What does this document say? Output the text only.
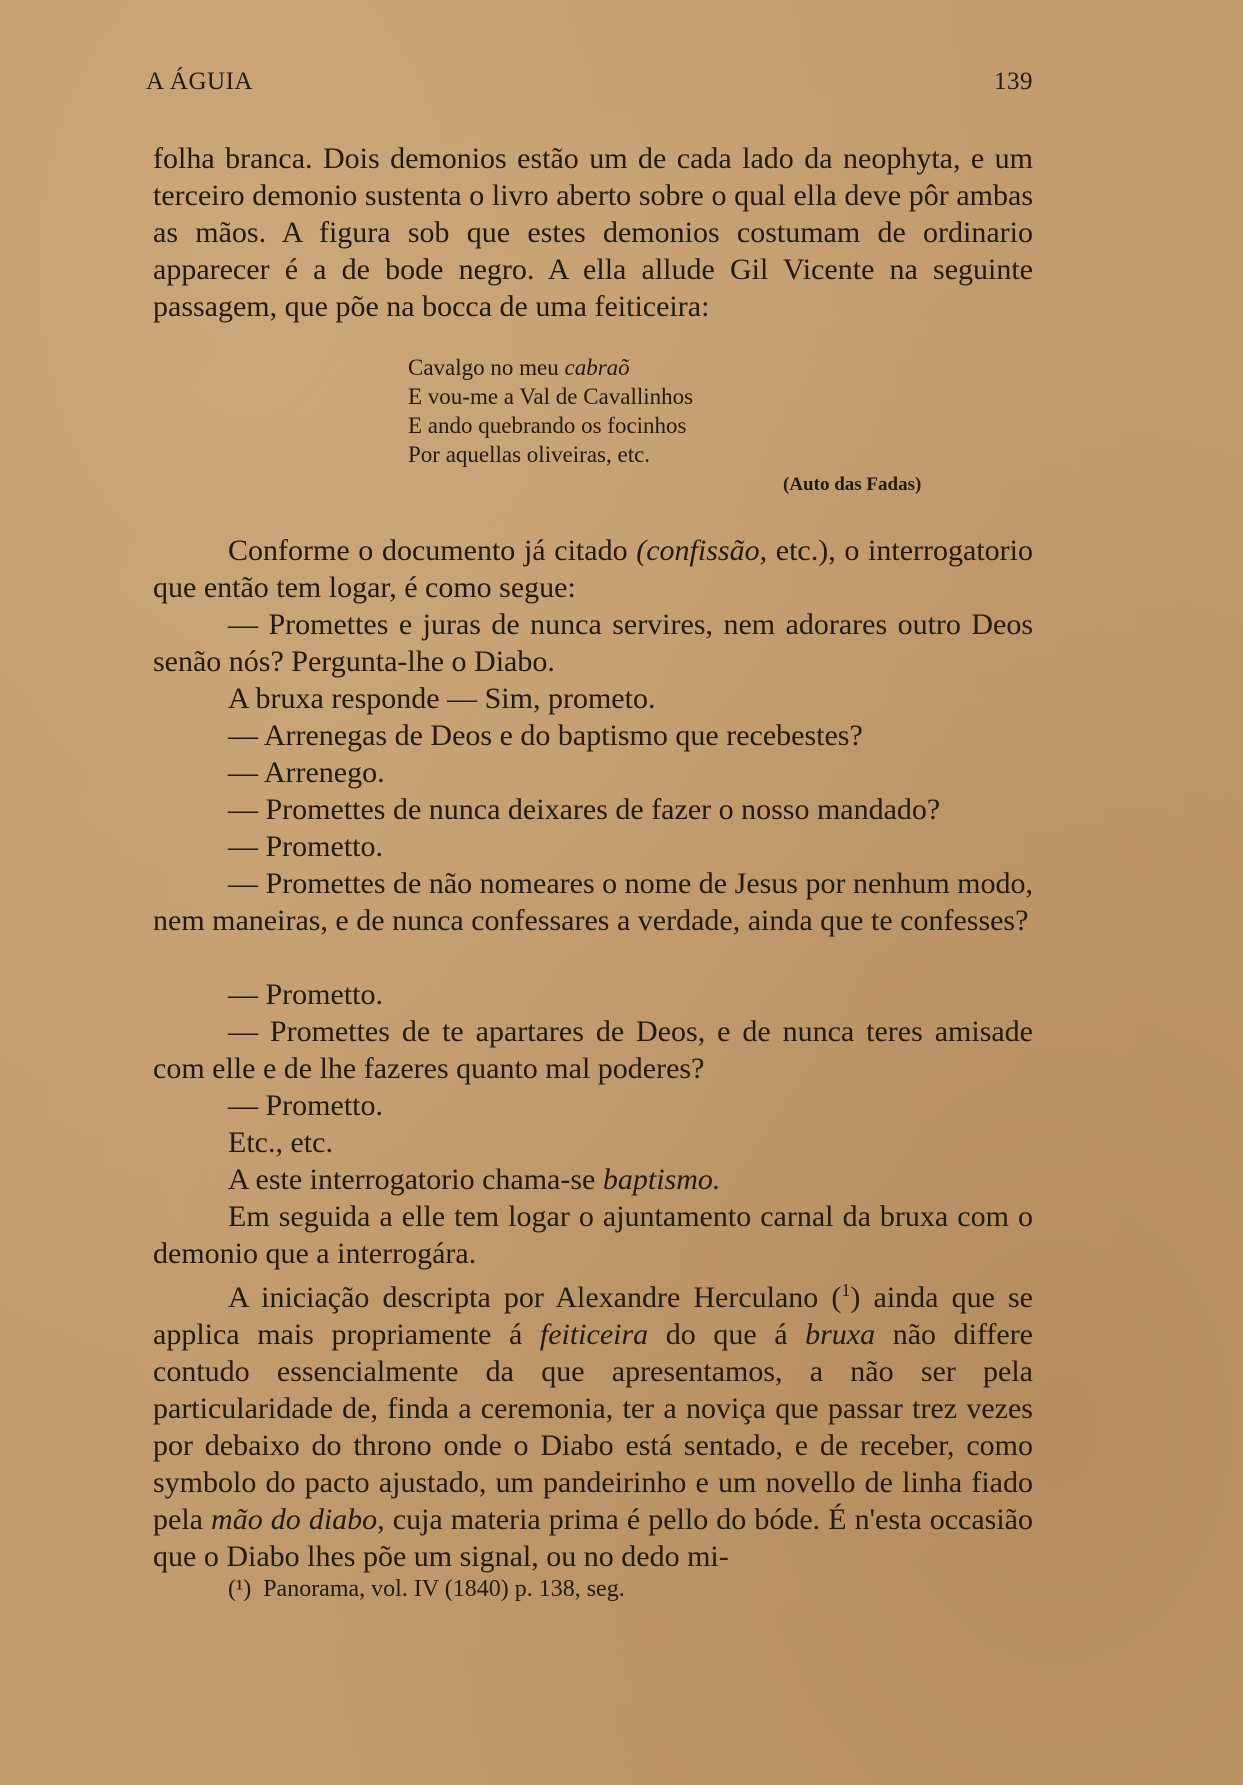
A ÁGUIA	139

folha branca. Dois demonios estão um de cada lado da neophyta, e um terceiro demonio sustenta o livro aberto sobre o qual ella deve pôr ambas as mãos. A figura sob que estes demonios costumam de ordinario apparecer é a de bode negro. A ella allude Gil Vicente na seguinte passagem, que põe na bocca de uma feiticeira:

Cavalgo no meu cabraõ
E vou-me a Val de Cavallinhos
E ando quebrando os focinhos
Por aquellas oliveiras, etc.
(Auto das Fadas)

Conforme o documento já citado (confissão, etc.), o interrogatorio que então tem logar, é como segue:

— Promettes e juras de nunca servires, nem adorares outro Deos senão nós? Pergunta-lhe o Diabo.

A bruxa responde — Sim, prometo.

— Arrenegas de Deos e do baptismo que recebestes?

— Arrenego.

— Promettes de nunca deixares de fazer o nosso mandado?

— Prometto.

— Promettes de não nomeares o nome de Jesus por nenhum modo, nem maneiras, e de nunca confessares a verdade, ainda que te confesses?

— Prometto.

— Promettes de te apartares de Deos, e de nunca teres amisade com elle e de lhe fazeres quanto mal poderes?

— Prometto.

Etc., etc.

A este interrogatorio chama-se baptismo.

Em seguida a elle tem logar o ajuntamento carnal da bruxa com o demonio que a interrogára.

A iniciação descripta por Alexandre Herculano ($^1$) ainda que se applica mais propriamente á feiticeira do que á bruxa não differe contudo essencialmente da que apresentamos, a não ser pela particularidade de, finda a ceremonia, ter a noviça que passar trez vezes por debaixo do throno onde o Diabo está sentado, e de receber, como symbolo do pacto ajustado, um pandeirinho e um novello de linha fiado pela mão do diabo, cuja materia prima é pello do bóde. É n'esta occasião que o Diabo lhes põe um signal, ou no dedo mi-

(¹) Panorama, vol. IV (1840) p. 138, seg.
